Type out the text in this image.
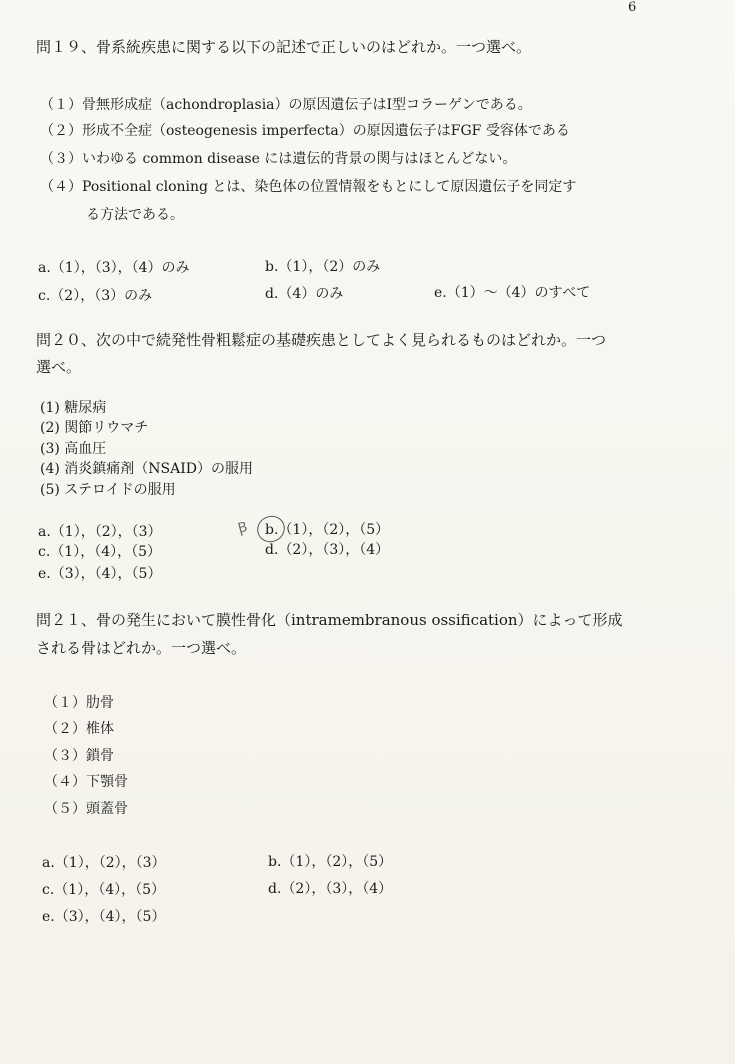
6
問１９、骨系統疾患に関する以下の記述で正しいのはどれか。一つ選べ。
（１）骨無形成症（achondroplasia）の原因遺伝子はⅠ型コラーゲンである。
（２）形成不全症（osteogenesis imperfecta）の原因遺伝子はFGF 受容体である
（３）いわゆる common disease には遺伝的背景の関与はほとんどない。
（４）Positional cloning とは、染色体の位置情報をもとにして原因遺伝子を同定す
る方法である。
a.（1），（3），（4）のみ	b.（1），（2）のみ
c.（2），（3）のみ	d.（4）のみ	e.（1）～（4）のすべて
問２０、次の中で続発性骨粗鬆症の基礎疾患としてよく見られるものはどれか。一つ
選べ。
(1) 糖尿病
(2) 関節リウマチ
(3) 高血圧
(4) 消炎鎮痛剤（NSAID）の服用
(5) ステロイドの服用
a.（1），（2），（3）	Ꞵ b.（1），（2），（5）
c.（1），（4），（5）	d.（2），（3），（4）
e.（3），（4），（5）
問２１、骨の発生において膜性骨化（intramembranous ossification）によって形成
される骨はどれか。一つ選べ。
（１）肋骨
（２）椎体
（３）鎖骨
（４）下顎骨
（５）頭蓋骨
a.（1），（2），（3）	b.（1），（2），（5）
c.（1），（4），（5）	d.（2），（3），（4）
e.（3），（4），（5）
